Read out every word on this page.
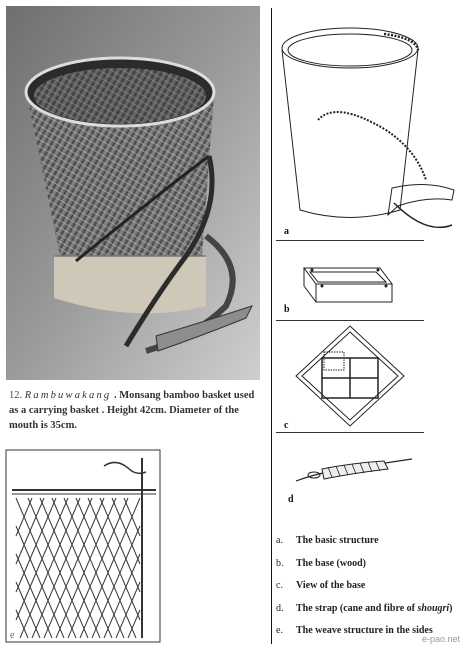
12. Rambuwakang . Monsang bamboo basket used as a carrying basket . Height 42cm. Diameter of the mouth is 35cm.
a
b
c
d
e
a. The basic structure
b. The base (wood)
c. View of the base
d. The strap (cane and fibre of shougri)
e. The weave structure in the sides
e-pao.net
